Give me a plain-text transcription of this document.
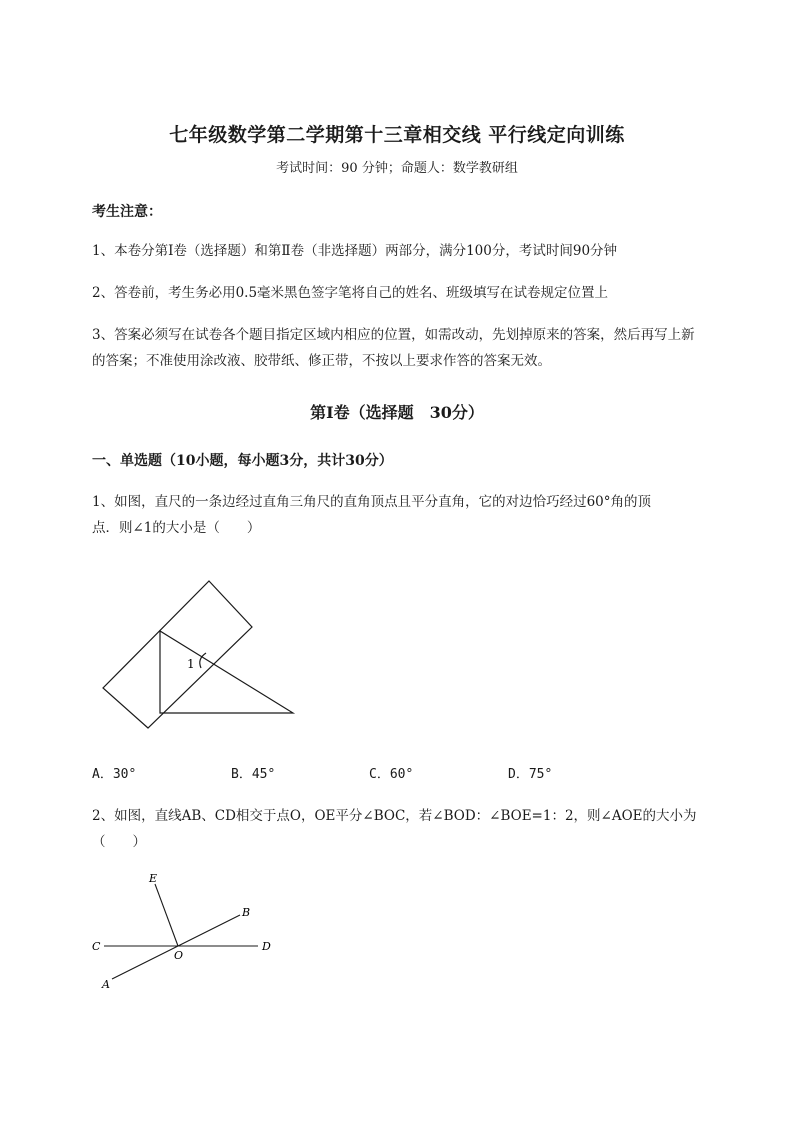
七年级数学第二学期第十三章相交线 平行线定向训练
考试时间：90 分钟；命题人：数学教研组
考生注意：
1、本卷分第Ⅰ卷（选择题）和第Ⅱ卷（非选择题）两部分，满分100分，考试时间90分钟
2、答卷前，考生务必用0.5毫米黑色签字笔将自己的姓名、班级填写在试卷规定位置上
3、答案必须写在试卷各个题目指定区域内相应的位置，如需改动，先划掉原来的答案，然后再写上新
的答案；不准使用涂改液、胶带纸、修正带，不按以上要求作答的答案无效。
第Ⅰ卷（选择题　30分）
一、单选题（10小题，每小题3分，共计30分）
1、如图，直尺的一条边经过直角三角尺的直角顶点且平分直角，它的对边恰巧经过60°角的顶
点．则∠1的大小是（　　）
1
A．30°	B．45°	C．60°	D．75°
2、如图，直线AB、CD相交于点O，OE平分∠BOC，若∠BOD：∠BOE=1：2，则∠AOE的大小为
（　　）
E
B
C
O
D
A
